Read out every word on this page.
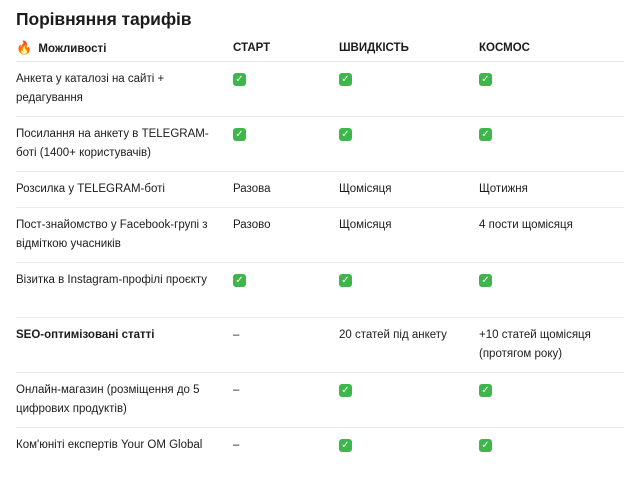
Порівняння тарифів
🔥 Можливості	СТАРТ	ШВИДКІСТЬ	КОСМОС
Анкета у каталозі на сайті + редагування	✓	✓	✓
Посилання на анкету в TELEGRAM-боті (1400+ користувачів)	✓	✓	✓
Розсилка у TELEGRAM-боті	Разова	Щомісяця	Щотижня
Пост-знайомство у Facebook-групі з відміткою учасників	Разово	Щомісяця	4 пости щомісяця
Візитка в Instagram-профілі проєкту	✓	✓	✓
SEO-оптимізовані статті	–	20 статей під анкету	+10 статей щомісяця (протягом року)
Онлайн-магазин (розміщення до 5 цифрових продуктів)	–	✓	✓
Ком'юніті експертів Your OM Global	–	✓	✓
